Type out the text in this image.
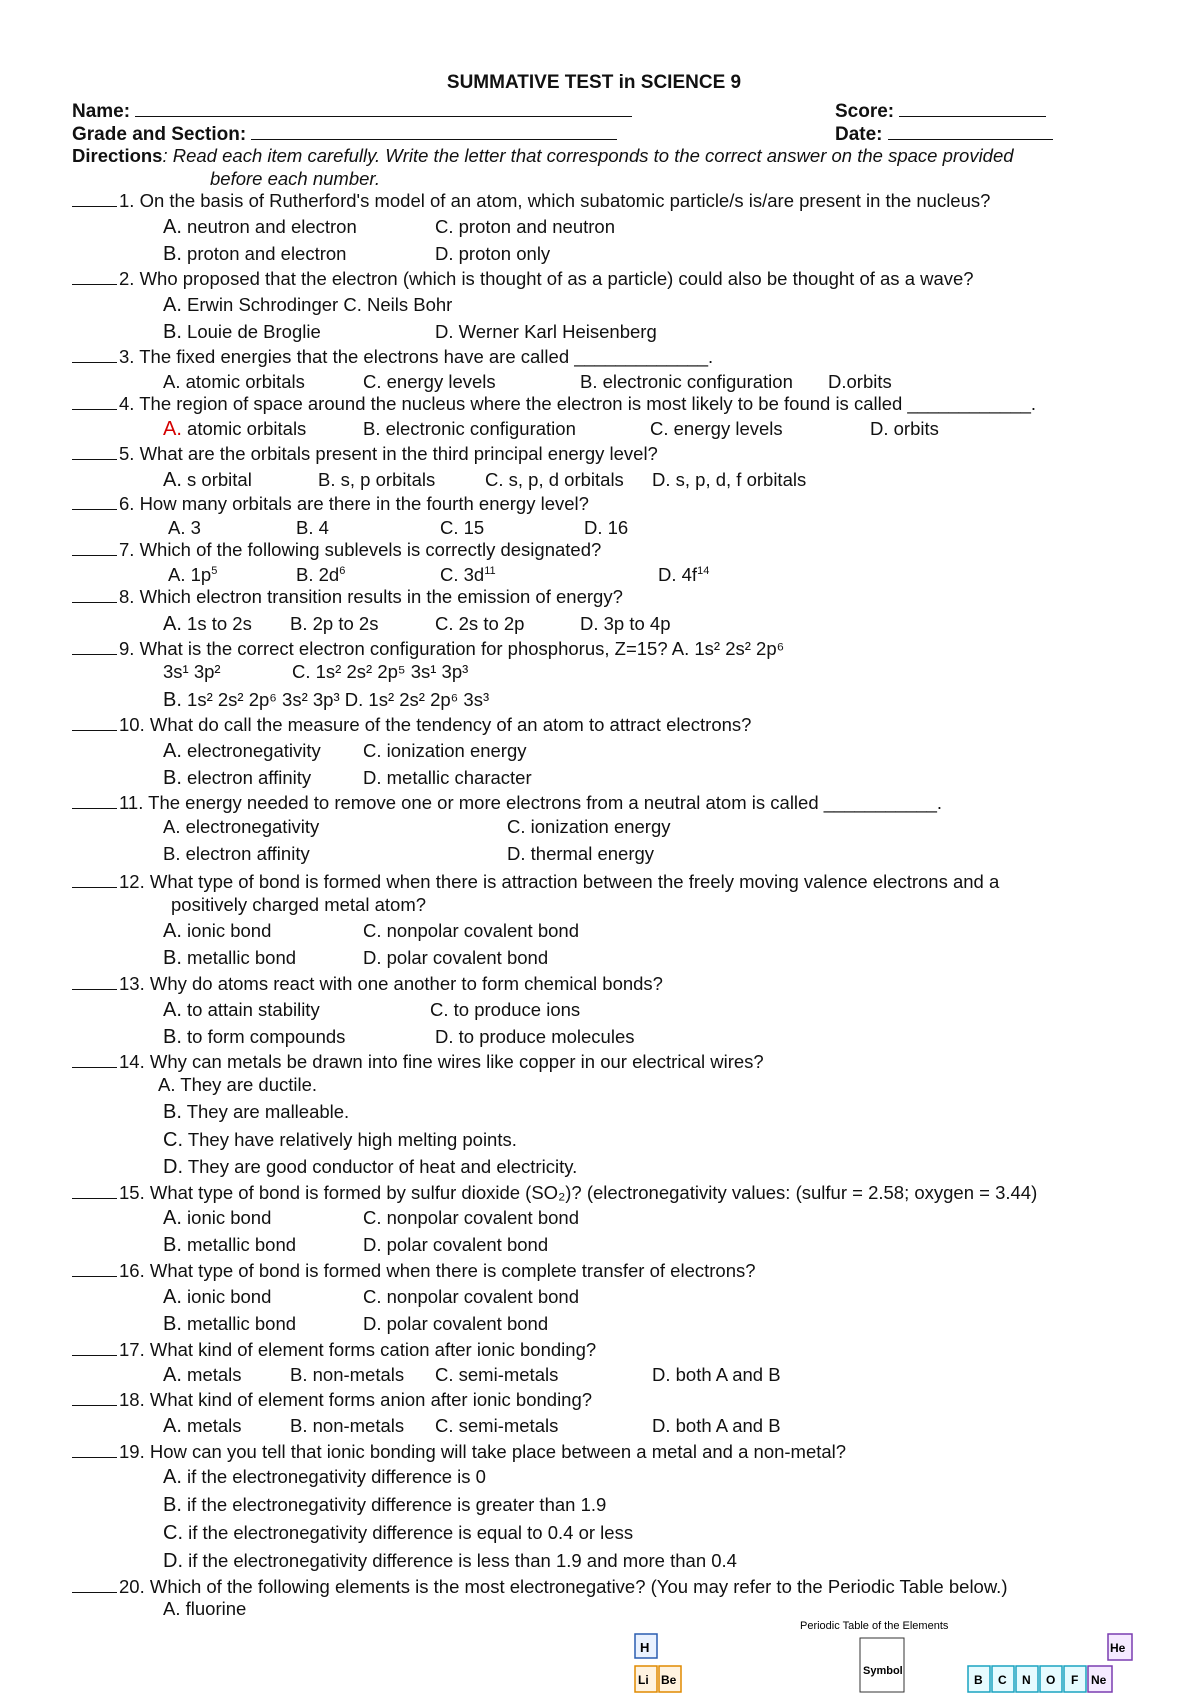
SUMMATIVE TEST in SCIENCE 9
Name:	Score:
Grade and Section:	Date:
Directions: Read each item carefully. Write the letter that corresponds to the correct answer on the space provided
before each number.
1. On the basis of Rutherford's model of an atom, which subatomic particle/s is/are present in the nucleus?
A. neutron and electron	C. proton and neutron
B. proton and electron	D. proton only
2. Who proposed that the electron (which is thought of as a particle) could also be thought of as a wave?
A. Erwin Schrodinger C. Neils Bohr
B. Louie de Broglie	D. Werner Karl Heisenberg
3. The fixed energies that the electrons have are called _____________.
A. atomic orbitals	C. energy levels	B. electronic configuration D.orbits
4. The region of space around the nucleus where the electron is most likely to be found is called ____________.
A. atomic orbitals	B. electronic configuration	C. energy levels	D. orbits
5. What are the orbitals present in the third principal energy level?
A. s orbital	B. s, p orbitals	C. s, p, d orbitals D. s, p, d, f orbitals
6. How many orbitals are there in the fourth energy level?
A. 3	B. 4	C. 15	D. 16
7. Which of the following sublevels is correctly designated?
A. $1p^5$	B. $2d^6$	C. $3d^{11}$	D. $4f^{14}$
8. Which electron transition results in the emission of energy?
A. 1s to 2s B. 2p to 2s	C. 2s to 2p	D. 3p to 4p
9. What is the correct electron configuration for phosphorus, Z=15? A. 1s² 2s² 2p⁶
3s¹ 3p²	C. 1s² 2s² 2p⁵ 3s¹ 3p³
B. 1s² 2s² 2p⁶ 3s² 3p³ D. 1s² 2s² 2p⁶ 3s³
10. What do call the measure of the tendency of an atom to attract electrons?
A. electronegativity C. ionization energy
B. electron affinity	D. metallic character
11. The energy needed to remove one or more electrons from a neutral atom is called ___________.
A. electronegativity	C. ionization energy
B. electron affinity	D. thermal energy
12. What type of bond is formed when there is attraction between the freely moving valence electrons and a
positively charged metal atom?
A. ionic bond	C. nonpolar covalent bond
B. metallic bond	D. polar covalent bond
13. Why do atoms react with one another to form chemical bonds?
A. to attain stability	C. to produce ions
B. to form compounds	D. to produce molecules
14. Why can metals be drawn into fine wires like copper in our electrical wires?
A. They are ductile.
B. They are malleable.
C. They have relatively high melting points.
D. They are good conductor of heat and electricity.
15. What type of bond is formed by sulfur dioxide (SO₂)? (electronegativity values: (sulfur = 2.58; oxygen = 3.44)
A. ionic bond	C. nonpolar covalent bond
B. metallic bond	D. polar covalent bond
16. What type of bond is formed when there is complete transfer of electrons?
A. ionic bond	C. nonpolar covalent bond
B. metallic bond	D. polar covalent bond
17. What kind of element forms cation after ionic bonding?
A. metals	B. non-metals C. semi-metals	D. both A and B
18. What kind of element forms anion after ionic bonding?
A. metals	B. non-metals C. semi-metals	D. both A and B
19. How can you tell that ionic bonding will take place between a metal and a non-metal?
A. if the electronegativity difference is 0
B. if the electronegativity difference is greater than 1.9
C. if the electronegativity difference is equal to 0.4 or less
D. if the electronegativity difference is less than 1.9 and more than 0.4
20. Which of the following elements is the most electronegative? (You may refer to the Periodic Table below.)
A. fluorine
H
Li Be
Periodic Table of the Elements
Symbol
He
B C N O F Ne
